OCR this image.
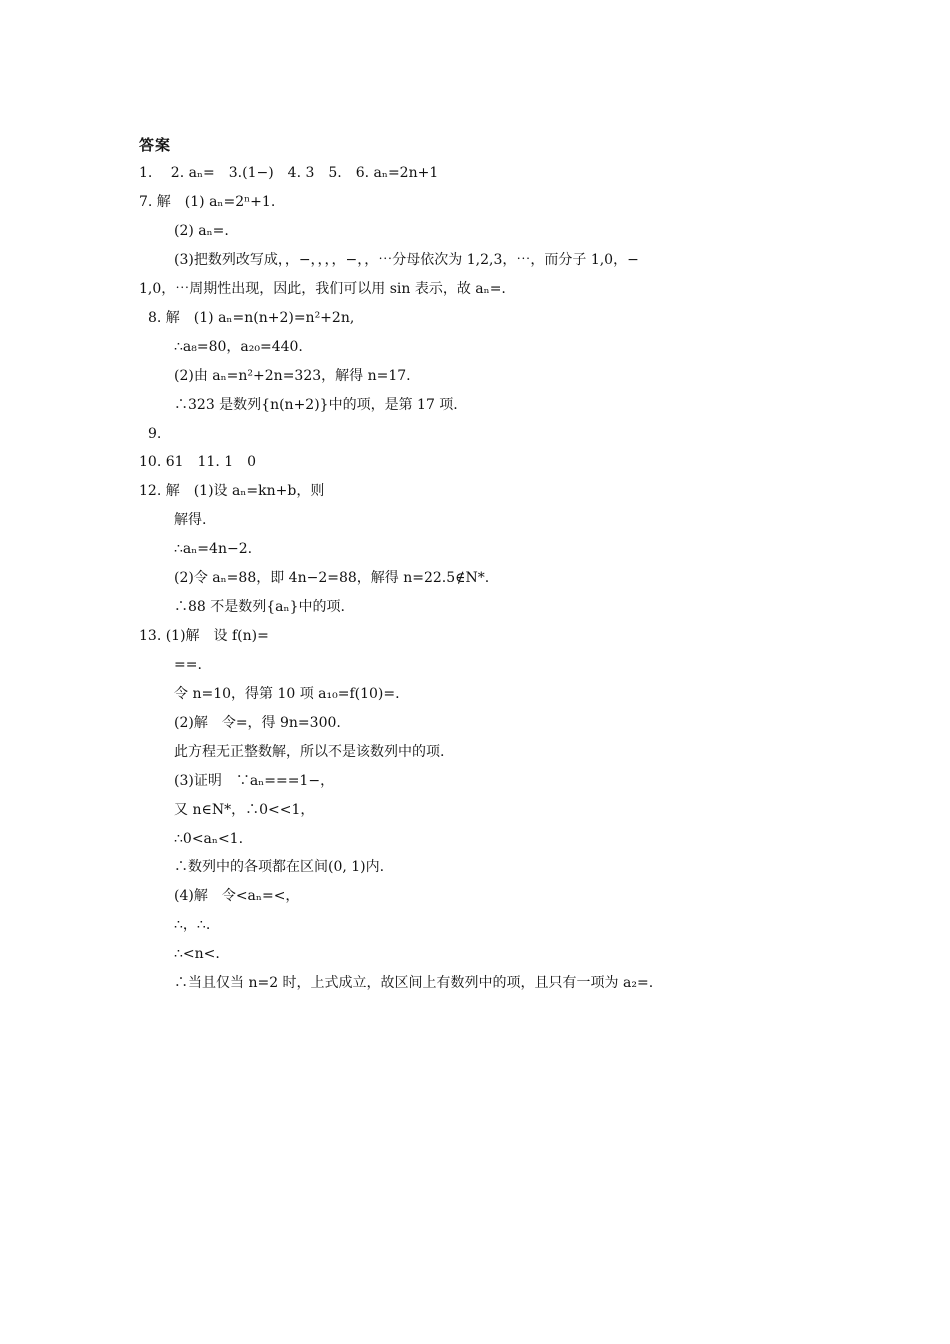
答案
1.　 2. aₙ=　3.(1−)　4. 3　5.　6. aₙ=2n+1
7. 解　(1) aₙ=2ⁿ+1.
(2) aₙ=.
(3)把数列改写成，，−，，，，−，，⋯分母依次为 1,2,3，⋯，而分子 1,0，−
1,0，⋯周期性出现，因此，我们可以用 sin 表示，故 aₙ=.
8. 解　(1) aₙ=n(n+2)=n²+2n,
∴a₈=80，a₂₀=440.
(2)由 aₙ=n²+2n=323，解得 n=17.
∴323 是数列{n(n+2)}中的项，是第 17 项.
9.
10. 61　11. 1　0
12. 解　(1)设 aₙ=kn+b，则
解得.
∴aₙ=4n−2.
(2)令 aₙ=88，即 4n−2=88，解得 n=22.5∉N*.
∴88 不是数列{aₙ}中的项.
13. (1)解　设 f(n)=
==.
令 n=10，得第 10 项 a₁₀=f(10)=.
(2)解　令=，得 9n=300.
此方程无正整数解，所以不是该数列中的项.
(3)证明　∵aₙ===1−，
又 n∈N*，∴0<<1，
∴0<aₙ<1.
∴数列中的各项都在区间(0, 1)内.
(4)解　令<aₙ=<，
∴，∴.
∴<n<.
∴当且仅当 n=2 时，上式成立，故区间上有数列中的项，且只有一项为 a₂=.
